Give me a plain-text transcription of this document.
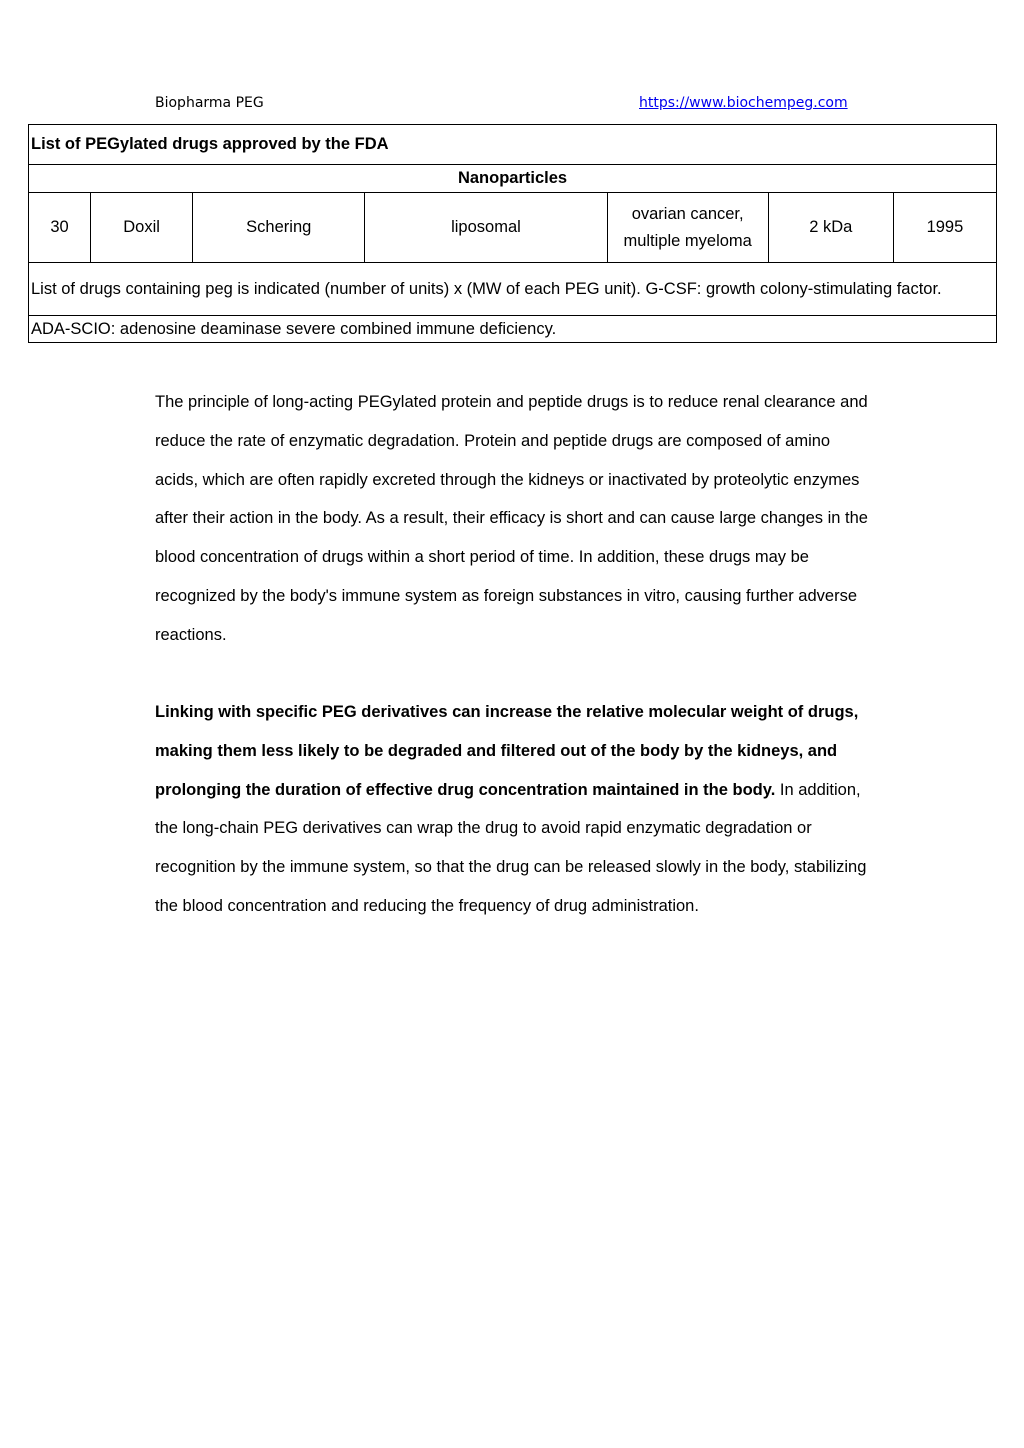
Biopharma PEG	https://www.biochempeg.com
List of PEGylated drugs approved by the FDA
Nanoparticles
30	Doxil	Schering	liposomal	ovarian cancer,
multiple myeloma	2 kDa	1995
List of drugs containing peg is indicated (number of units) x (MW of each PEG unit). G-CSF: growth colony-stimulating factor.
ADA-SCIO: adenosine deaminase severe combined immune deficiency.

The principle of long-acting PEGylated protein and peptide drugs is to reduce renal clearance and reduce the rate of enzymatic degradation. Protein and peptide drugs are composed of amino acids, which are often rapidly excreted through the kidneys or inactivated by proteolytic enzymes after their action in the body. As a result, their efficacy is short and can cause large changes in the blood concentration of drugs within a short period of time. In addition, these drugs may be recognized by the body's immune system as foreign substances in vitro, causing further adverse reactions.

Linking with specific PEG derivatives can increase the relative molecular weight of drugs, making them less likely to be degraded and filtered out of the body by the kidneys, and prolonging the duration of effective drug concentration maintained in the body. In addition, the long-chain PEG derivatives can wrap the drug to avoid rapid enzymatic degradation or recognition by the immune system, so that the drug can be released slowly in the body, stabilizing the blood concentration and reducing the frequency of drug administration.
